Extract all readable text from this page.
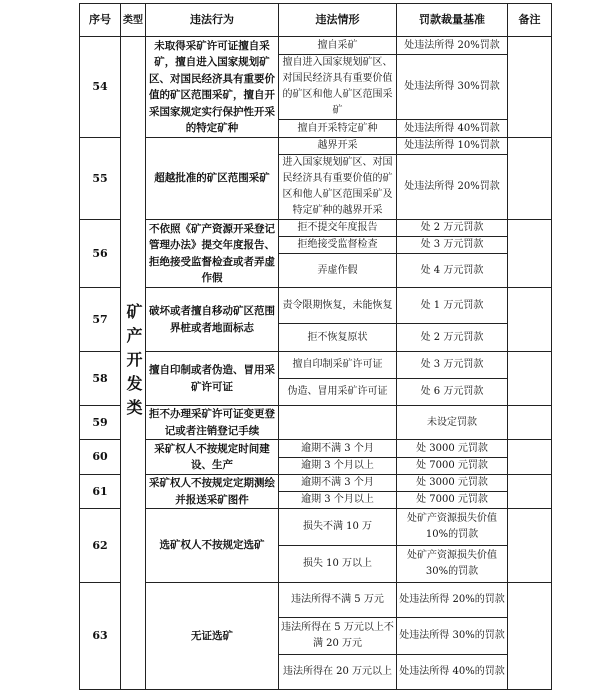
序号	类型	违法行为	违法情形	罚款裁量基准	备注
54	矿产开发类	未取得采矿许可证擅自采矿，擅自进入国家规划矿区、对国民经济具有重要价值的矿区范围采矿，擅自开采国家规定实行保护性开采的特定矿种	擅自采矿	处违法所得 20%罚款	
			擅自进入国家规划矿区、对国民经济具有重要价值的矿区和他人矿区范围采矿	处违法所得 30%罚款	
			擅自开采特定矿种	处违法所得 40%罚款	
55		超越批准的矿区范围采矿	越界开采	处违法所得 10%罚款	
			进入国家规划矿区、对国民经济具有重要价值的矿区和他人矿区范围采矿及特定矿种的越界开采	处违法所得 20%罚款	
56		不依照《矿产资源开采登记管理办法》提交年度报告、拒绝接受监督检查或者弄虚作假	拒不提交年度报告	处 2 万元罚款	
			拒绝接受监督检查	处 3 万元罚款	
			弄虚作假	处 4 万元罚款	
57		破坏或者擅自移动矿区范围界桩或者地面标志	责令限期恢复，未能恢复	处 1 万元罚款	
			拒不恢复原状	处 2 万元罚款	
58		擅自印制或者伪造、冒用采矿许可证	擅自印制采矿许可证	处 3 万元罚款	
			伪造、冒用采矿许可证	处 6 万元罚款	
59		拒不办理采矿许可证变更登记或者注销登记手续		未设定罚款	
60		采矿权人不按规定时间建设、生产	逾期不满 3 个月	处 3000 元罚款	
			逾期 3 个月以上	处 7000 元罚款	
61		采矿权人不按规定定期测绘并报送采矿图件	逾期不满 3 个月	处 3000 元罚款	
			逾期 3 个月以上	处 7000 元罚款	
62		选矿权人不按规定选矿	损失不满 10 万	处矿产资源损失价值 10%的罚款	
			损失 10 万以上	处矿产资源损失价值 30%的罚款	
63		无证选矿	违法所得不满 5 万元	处违法所得 20%的罚款	
			违法所得在 5 万元以上不满 20 万元	处违法所得 30%的罚款	
			违法所得在 20 万元以上	处违法所得 40%的罚款	
